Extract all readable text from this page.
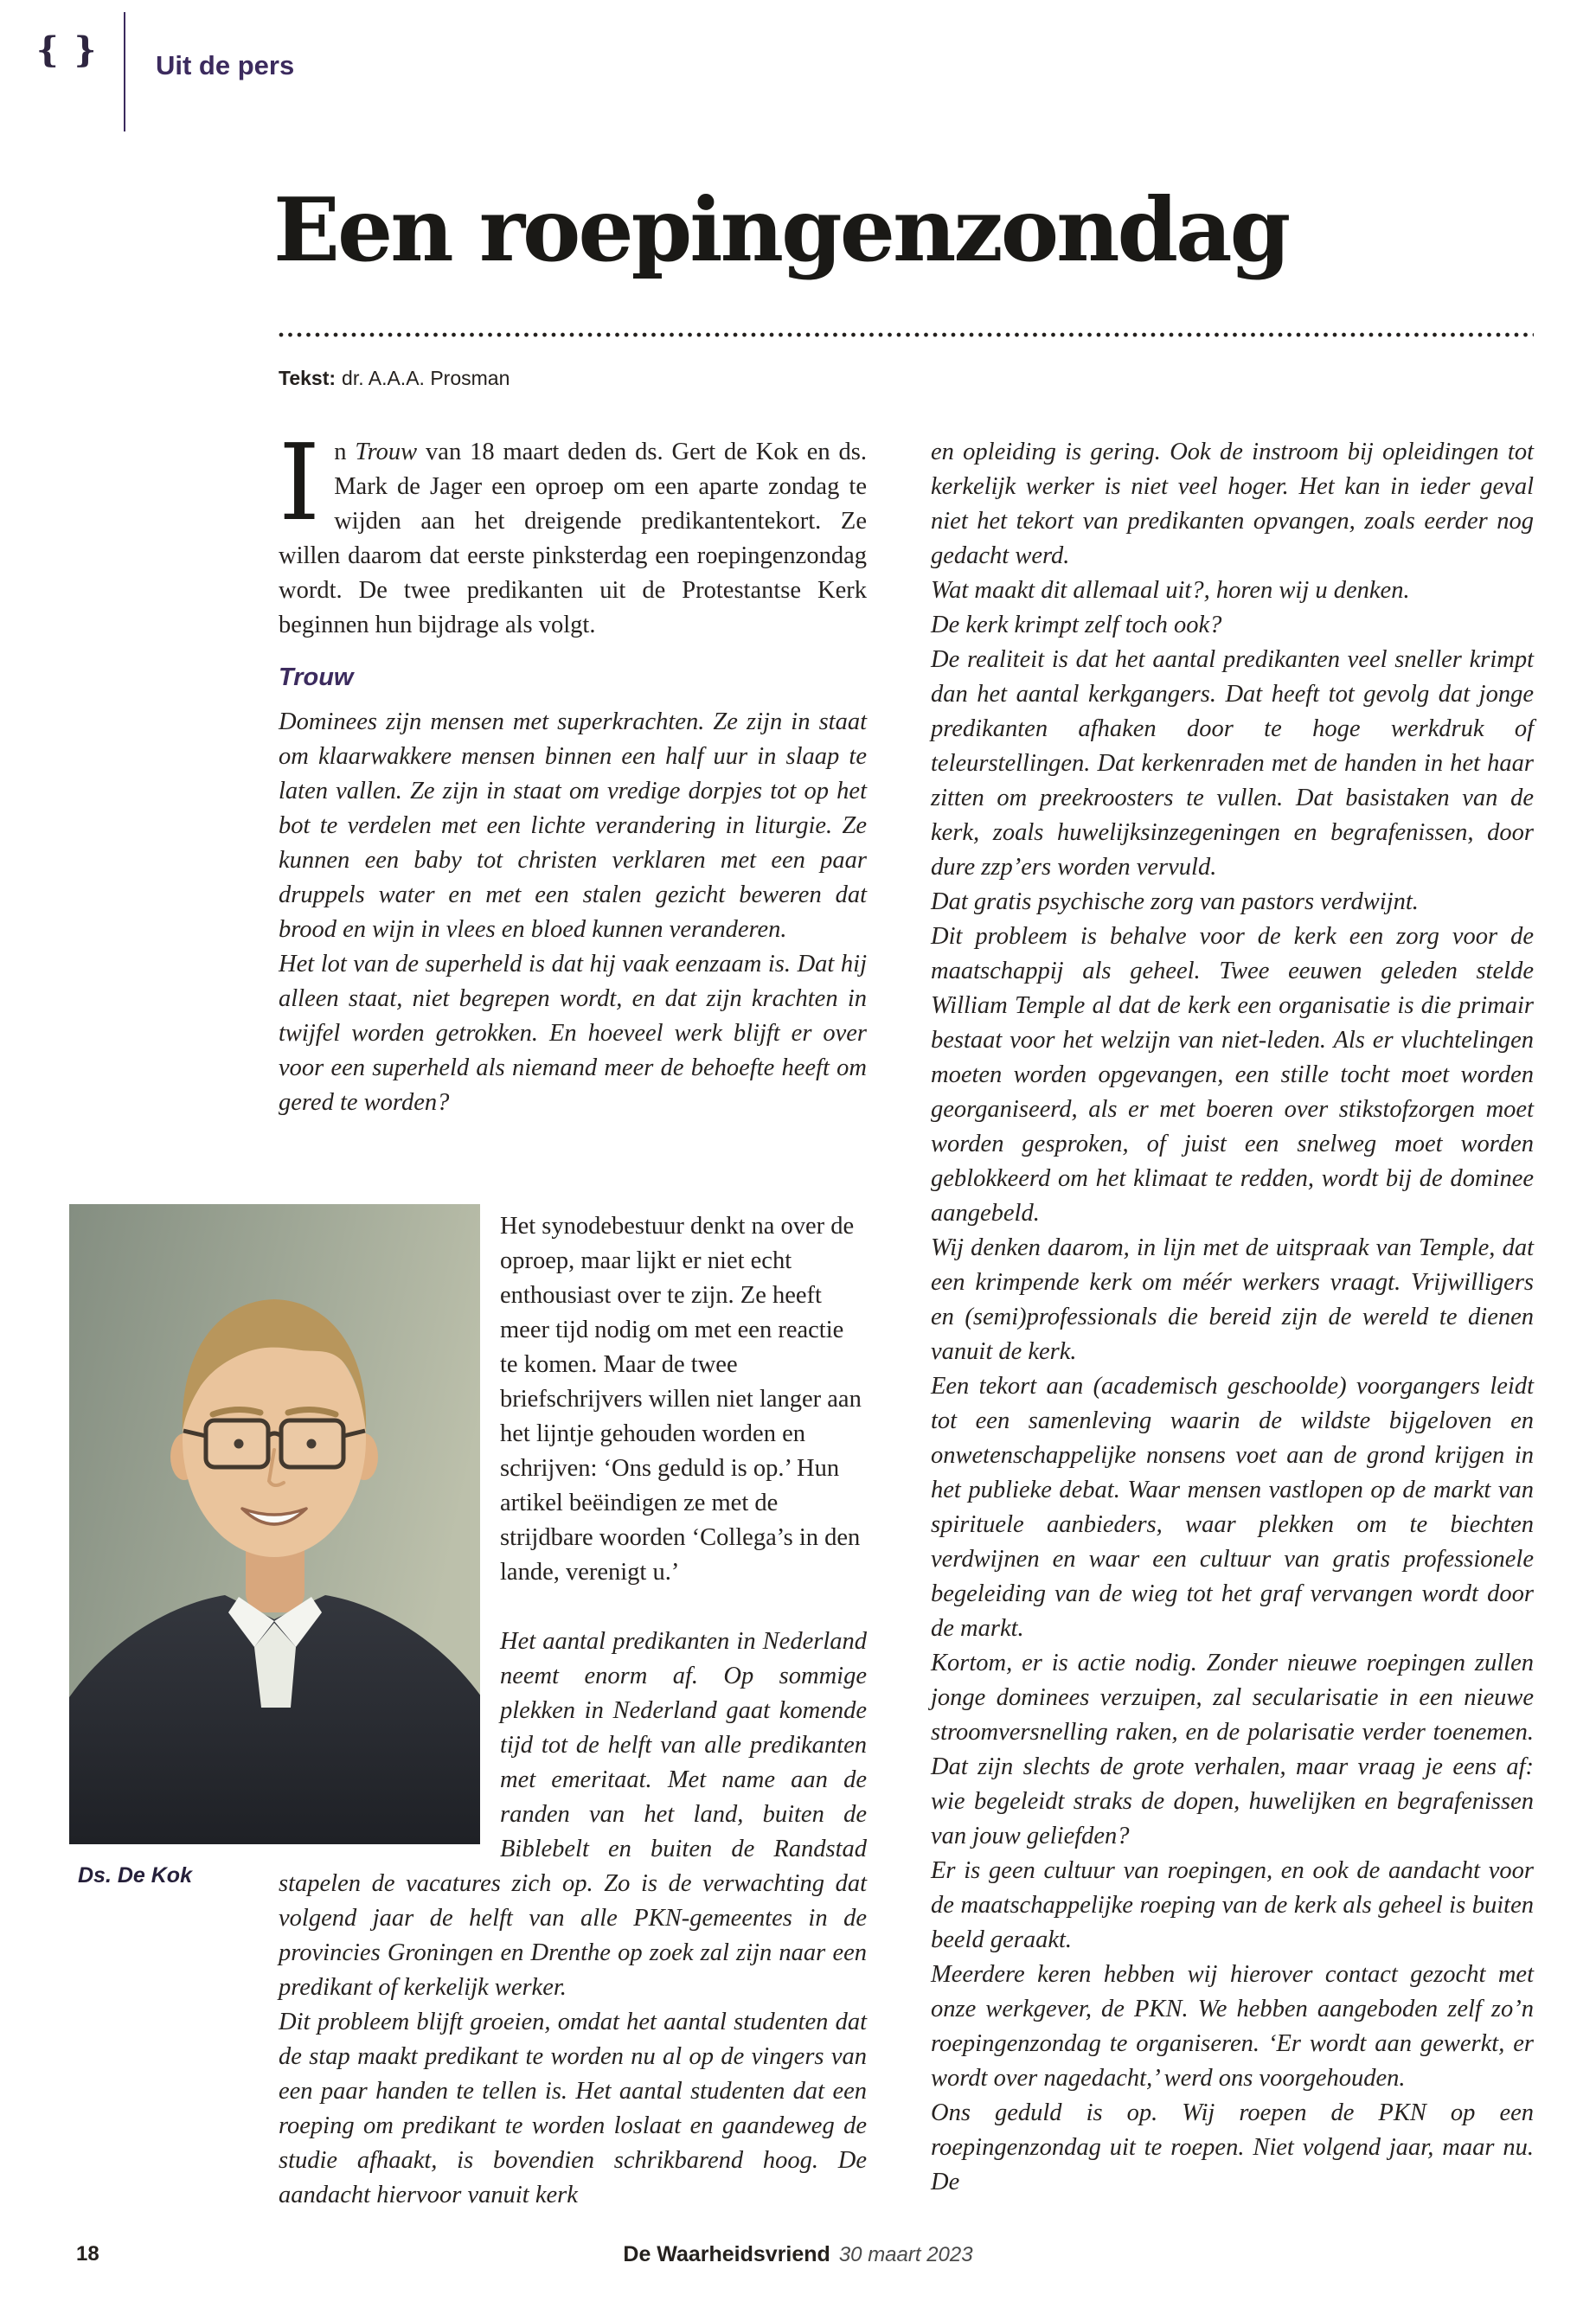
{ } Uit de pers
Een roepingenzondag

Tekst: dr. A.A.A. Prosman

In Trouw van 18 maart deden ds. Gert de Kok en ds. Mark de Jager een oproep om een aparte zondag te wijden aan het dreigende predikantentekort. Ze willen daarom dat eerste pinksterdag een roepingenzondag wordt. De twee predikanten uit de Protestantse Kerk beginnen hun bijdrage als volgt.

Trouw

Dominees zijn mensen met superkrachten. Ze zijn in staat om klaarwakkere mensen binnen een half uur in slaap te laten vallen. Ze zijn in staat om vredige dorpjes tot op het bot te verdelen met een lichte verandering in liturgie. Ze kunnen een baby tot christen verklaren met een paar druppels water en met een stalen gezicht beweren dat brood en wijn in vlees en bloed kunnen veranderen.

Het lot van de superheld is dat hij vaak eenzaam is. Dat hij alleen staat, niet begrepen wordt, en dat zijn krachten in twijfel worden getrokken. En hoeveel werk blijft er over voor een superheld als niemand meer de behoefte heeft om gered te worden?

Het synodebestuur denkt na over de oproep, maar lijkt er niet echt enthousiast over te zijn. Ze heeft meer tijd nodig om met een reactie te komen. Maar de twee briefschrijvers willen niet langer aan het lijntje gehouden worden en schrijven: ‘Ons geduld is op.’ Hun artikel beëindigen ze met de strijdbare woorden ‘Collega’s in den lande, verenigt u.’

Het aantal predikanten in Nederland neemt enorm af. Op sommige plekken in Nederland gaat komende tijd tot de helft van alle predikanten met emeritaat. Met name aan de randen van het land, buiten de Biblebelt en buiten de Randstad stapelen de vacatures zich op. Zo is de verwachting dat volgend jaar de helft van alle PKN-gemeentes in de provincies Groningen en Drenthe op zoek zal zijn naar een predikant of kerkelijk werker.

Dit probleem blijft groeien, omdat het aantal studenten dat de stap maakt predikant te worden nu al op de vingers van een paar handen te tellen is. Het aantal studenten dat een roeping om predikant te worden loslaat en gaandeweg de studie afhaakt, is bovendien schrikbarend hoog. De aandacht hiervoor vanuit kerk

Ds. De Kok

en opleiding is gering. Ook de instroom bij opleidingen tot kerkelijk werker is niet veel hoger. Het kan in ieder geval niet het tekort van predikanten opvangen, zoals eerder nog gedacht werd.

Wat maakt dit allemaal uit?, horen wij u denken.

De kerk krimpt zelf toch ook?

De realiteit is dat het aantal predikanten veel sneller krimpt dan het aantal kerkgangers. Dat heeft tot gevolg dat jonge predikanten afhaken door te hoge werkdruk of teleurstellingen. Dat kerkenraden met de handen in het haar zitten om preekroosters te vullen. Dat basistaken van de kerk, zoals huwelijksinzegeningen en begrafenissen, door dure zzp’ers worden vervuld.

Dat gratis psychische zorg van pastors verdwijnt.

Dit probleem is behalve voor de kerk een zorg voor de maatschappij als geheel. Twee eeuwen geleden stelde William Temple al dat de kerk een organisatie is die primair bestaat voor het welzijn van niet-leden. Als er vluchtelingen moeten worden opgevangen, een stille tocht moet worden georganiseerd, als er met boeren over stikstofzorgen moet worden gesproken, of juist een snelweg moet worden geblokkeerd om het klimaat te redden, wordt bij de dominee aangebeld.

Wij denken daarom, in lijn met de uitspraak van Temple, dat een krimpende kerk om méér werkers vraagt. Vrijwilligers en (semi)professionals die bereid zijn de wereld te dienen vanuit de kerk.

Een tekort aan (academisch geschoolde) voorgangers leidt tot een samenleving waarin de wildste bijgeloven en onwetenschappelijke nonsens voet aan de grond krijgen in het publieke debat. Waar mensen vastlopen op de markt van spirituele aanbieders, waar plekken om te biechten verdwijnen en waar een cultuur van gratis professionele begeleiding van de wieg tot het graf vervangen wordt door de markt.

Kortom, er is actie nodig. Zonder nieuwe roepingen zullen jonge dominees verzuipen, zal secularisatie in een nieuwe stroomversnelling raken, en de polarisatie verder toenemen. Dat zijn slechts de grote verhalen, maar vraag je eens af: wie begeleidt straks de dopen, huwelijken en begrafenissen van jouw geliefden?

Er is geen cultuur van roepingen, en ook de aandacht voor de maatschappelijke roeping van de kerk als geheel is buiten beeld geraakt.

Meerdere keren hebben wij hierover contact gezocht met onze werkgever, de PKN. We hebben aangeboden zelf zo’n roepingenzondag te organiseren. ‘Er wordt aan gewerkt, er wordt over nagedacht,’ werd ons voorgehouden.

Ons geduld is op. Wij roepen de PKN op een roepingenzondag uit te roepen. Niet volgend jaar, maar nu. De

18	De Waarheidsvriend 30 maart 2023
